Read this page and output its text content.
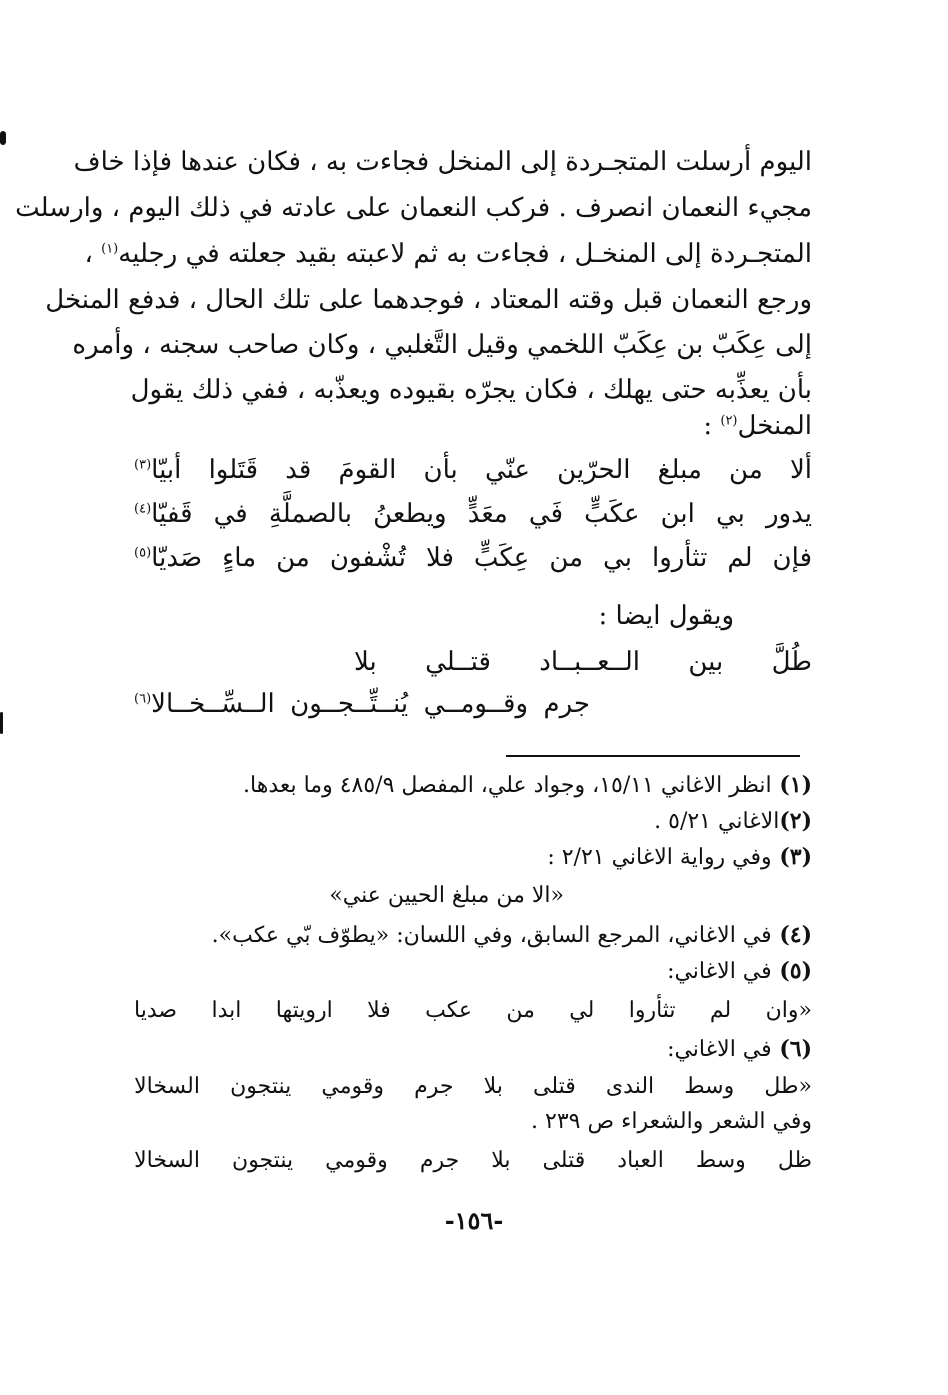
اليوم أرسلت المتجـردة إلى المنخل فجاءت به ، فكان عندها فإذا خاف
مجيء النعمان انصرف . فركب النعمان على عادته في ذلك اليوم ، وارسلت
المتجـردة إلى المنخـل ، فجاءت به ثم لاعبته بقيد جعلته في رجليه$^{(١)}$ ،
ورجع النعمان قبل وقته المعتاد ، فوجدهما على تلك الحال ، فدفع المنخل
إلى عِكَبّ بن عِكَبّ اللخمي وقيل التَّغلبي ، وكان صاحب سجنه ، وأمره
بأن يعذِّبه حتى يهلك ، فكان يجرّه بقيوده ويعذّبه ، ففي ذلك يقول
المنخل$^{(٢)}$ :
ألا
من
مبلغ
الحرّين
عنّي
بأن
القومَ
قد
قَتَلوا
أبيّا$^{(٣)}$
يدور
بي
ابن
عكَبٍّ
فَي
معَدٍّ
ويطعنُ
بالصملَّةِ
في
قَفيّا$^{(٤)}$
فإن
لم
تثأروا
بي
من
عِكَبٍّ
فلا
تُشْفون
من
ماءٍ
صَديّا$^{(٥)}$
ويقول ايضا :
طُلَّ
بين
الــعــبــاد
قتــلي
بلا
جرم
وقــومــي
يُنــتِّــجــون
الــسِّــخــالا$^{(٦)}$
(١) انظر الاغاني ١٥/١١، وجواد علي، المفصل ٤٨٥/٩ وما بعدها.
(٢)الاغاني ٥/٢١ .
(٣) وفي رواية الاغاني ٢/٢١ :
«الا من مبلغ الحيين عني»
(٤) في الاغاني، المرجع السابق، وفي اللسان: «يطوّف بّي عكب».
(٥) في الاغاني:
«وان
لم
تثأروا
لي
من
عكب
فلا
ارويتها
ابدا
صديا
(٦) في الاغاني:
«طل
وسط
الندى
قتلى
بلا
جرم
وقومي
ينتجون
السخالا
وفي الشعر والشعراء ص ٢٣٩ .
ظل
وسط
العباد
قتلى
بلا
جرم
وقومي
ينتجون
السخالا
-١٥٦-
